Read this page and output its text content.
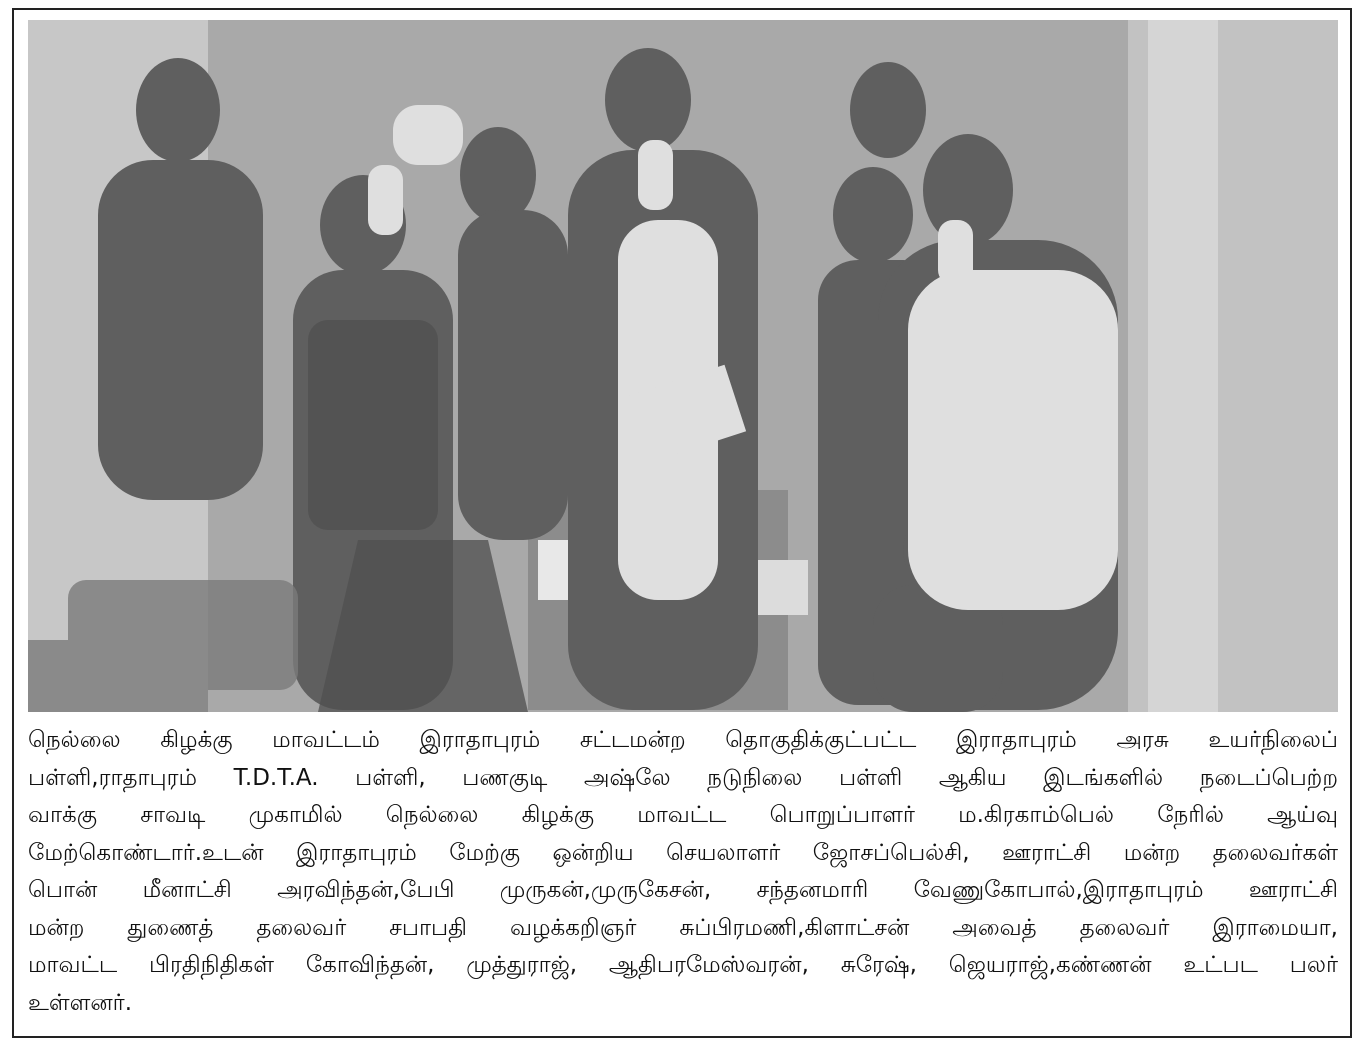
நெல்லை கிழக்கு மாவட்டம் இராதாபுரம் சட்டமன்ற தொகுதிக்குட்பட்ட இராதாபுரம் அரசு உயர்நிலைப்
பள்ளி,ராதாபுரம் T.D.T.A. பள்ளி, பணகுடி அஷ்லே நடுநிலை பள்ளி ஆகிய இடங்களில் நடைப்பெற்ற
வாக்கு சாவடி முகாமில் நெல்லை கிழக்கு மாவட்ட பொறுப்பாளர் ம.கிரகாம்பெல் நேரில் ஆய்வு
மேற்கொண்டார்.உடன் இராதாபுரம் மேற்கு ஒன்றிய செயலாளர் ஜோசப்பெல்சி, ஊராட்சி மன்ற தலைவர்கள்
பொன் மீனாட்சி அரவிந்தன்,பேபி முருகன்,முருகேசன், சந்தனமாரி வேணுகோபால்,இராதாபுரம் ஊராட்சி
மன்ற துணைத் தலைவர் சபாபதி வழக்கறிஞர் சுப்பிரமணி,கிளாட்சன் அவைத் தலைவர் இராமையா,
மாவட்ட பிரதிநிதிகள் கோவிந்தன், முத்துராஜ், ஆதிபரமேஸ்வரன், சுரேஷ், ஜெயராஜ்,கண்ணன் உட்பட பலர்
உள்ளனர்.
